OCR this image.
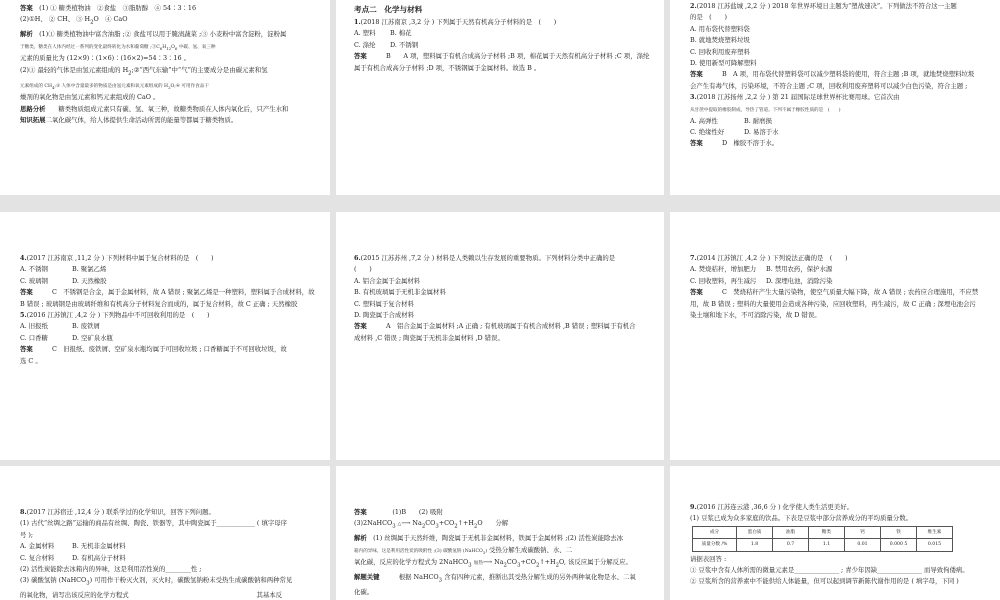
答案　(1) ① 糖类植物油　②食盐　③脂肪醇　④ 54∶3∶16
(2)①H、 ② CH、 ③ $H_2O$　④ CaO
解析　(1)① 糖类植物油中富含油脂 ;② 食盐可以用于腌渍蔬菜 ;③ 小麦粉中富含淀粉，淀粉属
于糖类，糖类在人体内经过一系列的变化最终转化为水和葡萄糖 $;③C_6H_{12}O_6$ 中碳、氢、氧三种
元素的质量比为 (12×9)∶(1×6)∶(16×2)=54∶3∶16 。
(2)① 最轻的气体是由氢元素组成的 $H_2;②“$西气东输”中“气”的主要成分是由碳元素和氢
元素组成的 $CH_4;③$ 人体中含量最多的物质是由氢元素和氧元素组成的 $H_2O;④$ 可用作食品干
燥剂的氧化物是由氢元素和钙元素组成的 CaO 。
思路分析　　糖类物质组成元素只有碳、氢、氧三种，故糖类物质在人体内氧化后，只产生水和
知识拓展二氧化碳气体，给人体提供生命活动所需的能量等都属于糖类物质。
考点二　化学与材料
1.(2018 江苏南京 ,3,2 分 ) 下列属于天然有机高分子材料的是　(　　)
A. 塑料	B. 棉花
C. 涤纶	D. 不锈钢
答案　　　B　　A 项，塑料属于有机合成高分子材料 ;B 项，棉花属于天然有机高分子材料 ;C 项，涤纶
属于有机合成高分子材料 ;D 项，不锈钢属于金属材料。故选 B 。
2.(2018 江苏盐城 ,2,2 分 ) 2018 年世界环境日主题为“塑战速决”。下列做法不符合这一主题
的是　(　　)
A. 用布袋代替塑料袋
B. 就地焚烧塑料垃圾
C. 回收利用废弃塑料
D. 使用新型可降解塑料
答案　　　B　A 项，用布袋代替塑料袋可以减少塑料袋的使用，符合主题 ;B 项，就地焚烧塑料垃圾
会产生有毒气体，污染环境，不符合主题 ;C 项，回收利用废弃塑料可以减少白色污染，符合主题 ;
3.(2018 江苏扬州 ,2,2 分 ) 第 21 届国际足球世界杯比赛用球。它首次由
从甘蔗中提取的橡胶制成，导热了管道。下列不属于橡胶性质的是　(　　)
A. 高弹性	B. 耐磨损
C. 绝缘性好	D. 易溶于水
答案　　　D　橡胶不溶于水。
4.(2017 江苏南京 ,11,2 分 ) 下列材料中属于复合材料的是　(　　)
A. 不锈钢	B. 聚氯乙烯
C. 玻璃钢	D. 天然橡胶
答案　　　C　不锈钢是合金，属于金属材料，故 A 错误 ; 聚氯乙烯是一种塑料，塑料属于合成材料，故
B 错误 ; 玻璃钢是由玻璃纤维和有机高分子材料复合而成的，属于复合材料，故 C 正确 ; 天然橡胶
5.(2016 江苏镇江 ,4,2 分 ) 下列物品中不可回收利用的是　(　　)
A. 旧报纸	B. 废铁屑
C. 口香糖	D. 空矿泉水瓶
答案　　　C　旧报纸、废铁屑、空矿泉水瓶均属于可回收垃圾 ; 口香糖属于不可回收垃圾，故
选 C 。
6.(2015 江苏苏州 ,7,2 分 ) 材料是人类赖以生存发展的重要物质。下列材料分类中正确的是
(　　)
A. 铝合金属于金属材料
B. 有机玻璃属于无机非金属材料
C. 塑料属于复合材料
D. 陶瓷属于合成材料
答案　　　A　铝合金属于金属材料 ;A 正确 ; 有机玻璃属于有机合成材料 ,B 错误 ; 塑料属于有机合
成材料 ,C 错误 ; 陶瓷属于无机非金属材料 ,D 错误。
7.(2014 江苏镇江 ,4,2 分 ) 下列说法正确的是　(　　)
A. 焚烧秸秆，增加肥力	B. 禁用农药，保护水源
C. 回收塑料，再生减污	D. 深埋电池，消除污染
答案　　　C　焚烧秸秆产生大量污染物，使空气质量大幅下降，故 A 错误 ; 农药应合理施用，不应禁
用，故 B 错误 ; 塑料的大量使用会造成各种污染，应回收塑料，再生减污，故 C 正确 ; 深埋电池会污
染土壤和地下水，不可消除污染，故 D 错误。
8.(2017 江苏宿迁 ,12,4 分 ) 联系学过的化学知识，回答下列问题。
(1) 古代“丝绸之路”运输的商品有丝绸、陶瓷、铁器等，其中陶瓷属于____________ ( 填字母序
号 );
A. 金属材料	B. 无机非金属材料
C. 复合材料	D. 有机高分子材料
(2) 活性炭能除去冰箱内的异味，这是利用活性炭的________性 ;
(3) 碳酸氢钠 (NaHCO$_3$) 可用作干粉灭火剂，灭火时，碳酸氢钠粉末受热生成碳酸钠和两种常见
的氧化物，请写出该反应的化学方程式　　　　　　　　　　　　　　　　　　　　其基本反
答案　　　　(1)B　　(2) 吸附
(3)2NaHCO$_3$ △⟶ $Na_2CO_3+CO_2↑+H_2O$　　分解
解析　(1) 丝绸属于天然纤维，陶瓷属于无机非金属材料，铁属于金属材料 ;(2) 活性炭能除去冰
箱内的异味，这是利用活性炭的吸附性 ;(3) 碳酸氢钠 (NaHCO$_3$) 受热分解生成碳酸钠、水、二
氧化碳，反应的化学方程式为 2NaHCO$_3$ 加热⟶ $Na_2CO_3+CO_2↑+H_2O$, 该反应属于分解反应。
解题关键　　　根据 NaHCO$_3$ 含有四种元素，推断出其受热分解生成的另外两种氧化物是水、二氧
化碳。
9.(2016 江苏连云港 ,36,6 分 ) 化学使人类生活更美好。
(1) 豆浆已成为众多家庭的饮品。下表是豆浆中部分营养成分的平均质量分数。
成分	蛋白质	油脂	糖类	钙	铁	维生素
质量分数 /%	1.8	0.7	1.1	0.01	0.000 5	0.015
请据表回答 :
① 豆浆中含有人体所需的微量元素是______________ ; 青少年因缺______________ 而导致佝偻病。
② 豆浆所含的营养素中不能供给人体能量，但可以起到调节新陈代谢作用的是 ( 填字母，下同 )
